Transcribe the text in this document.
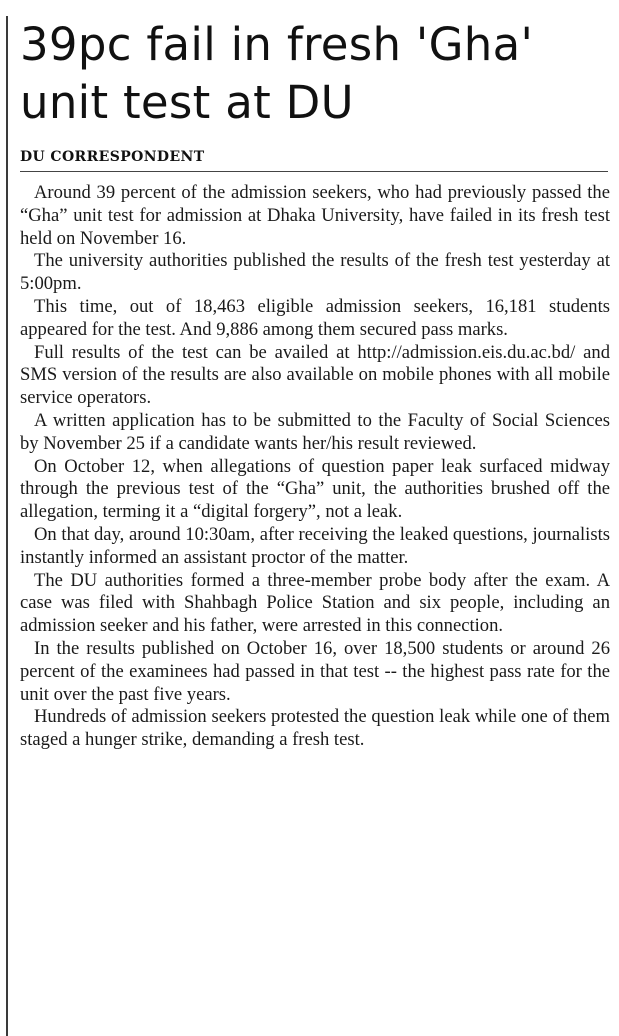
39pc fail in fresh 'Gha' unit test at DU
DU CORRESPONDENT

Around 39 percent of the admission seekers, who had previously passed the “Gha” unit test for admission at Dhaka University, have failed in its fresh test held on November 16.

The university authorities published the results of the fresh test yesterday at 5:00pm.

This time, out of 18,463 eligible admission seekers, 16,181 students appeared for the test. And 9,886 among them secured pass marks.

Full results of the test can be availed at http://admission.eis.du.ac.bd/ and SMS version of the results are also available on mobile phones with all mobile service operators.

A written application has to be submitted to the Faculty of Social Sciences by November 25 if a candidate wants her/his result reviewed.

On October 12, when allegations of question paper leak surfaced midway through the previous test of the “Gha” unit, the authorities brushed off the allegation, terming it a “digital forgery”, not a leak.

On that day, around 10:30am, after receiving the leaked questions, journalists instantly informed an assistant proctor of the matter.

The DU authorities formed a three-member probe body after the exam. A case was filed with Shahbagh Police Station and six people, including an admission seeker and his father, were arrested in this connection.

In the results published on October 16, over 18,500 students or around 26 percent of the examinees had passed in that test -- the highest pass rate for the unit over the past five years.

Hundreds of admission seekers protested the question leak while one of them staged a hunger strike, demanding a fresh test.
